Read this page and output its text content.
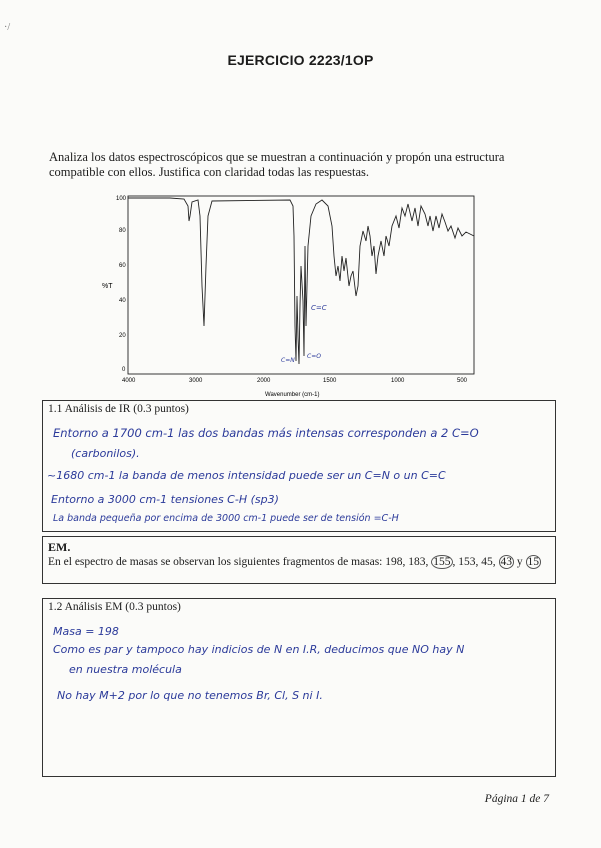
·/
EJERCICIO 2223/1OP
Analiza los datos espectroscópicos que se muestran a continuación y propón una estructura compatible con ellos. Justifica con claridad todas las respuestas.
%T
100
80
60
40
20
0
C=C
C=N
C=O
4000	3000	2000	1500	1000	500
Wavenumber (cm-1)
1.1 Análisis de IR (0.3 puntos)
Entorno a 1700 cm-1 las dos bandas más intensas corresponden a 2 C=O
(carbonilos).
~1680 cm-1 la banda de menos intensidad puede ser un C=N o un C=C
Entorno a 3000 cm-1 tensiones C-H (sp3)
La banda pequeña por encima de 3000 cm-1 puede ser de tensión =C-H
EM.
En el espectro de masas se observan los siguientes fragmentos de masas: 198, 183, 155 , 153, 45, 43 y 15
1.2 Análisis EM (0.3 puntos)
Masa = 198
Como es par y tampoco hay indicios de N en I.R, deducimos que NO hay N
en nuestra molécula
No hay M+2 por lo que no tenemos Br, Cl, S ni I.
Página 1 de 7
